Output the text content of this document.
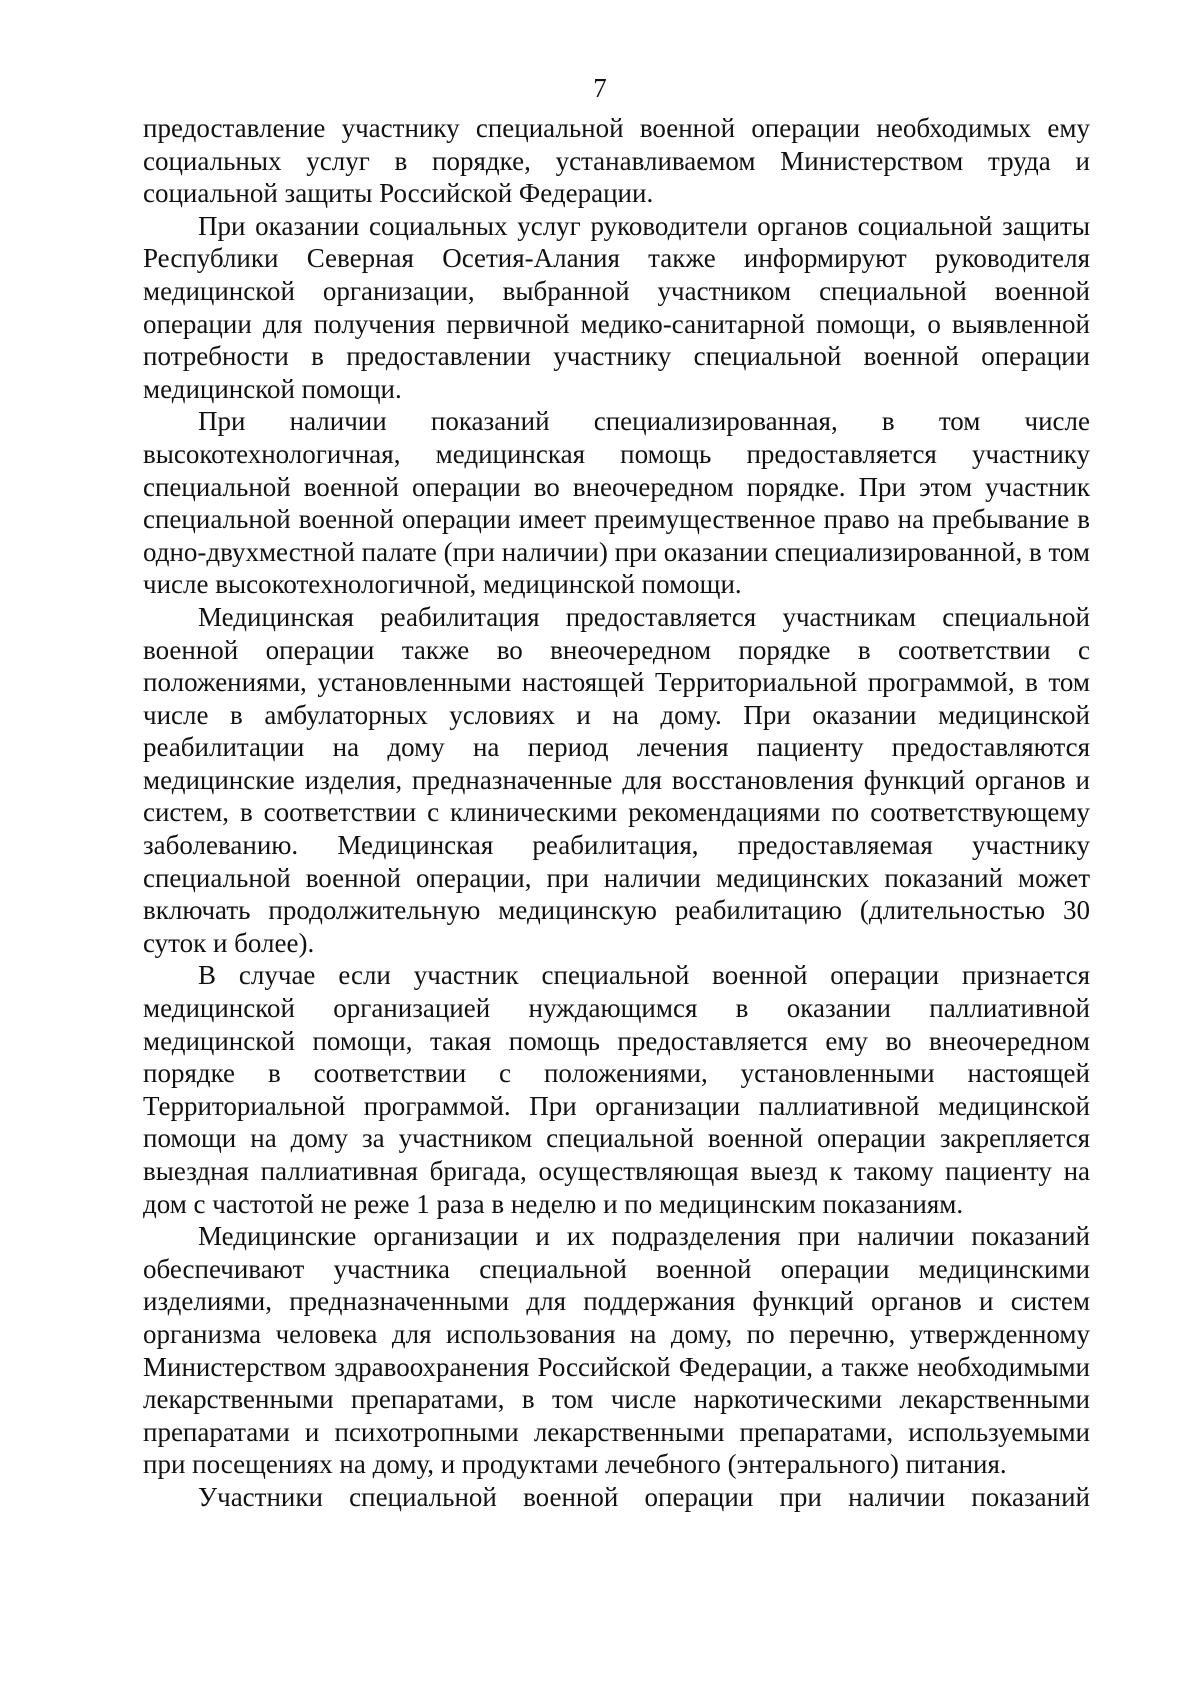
7

предоставление участнику специальной военной операции необходимых ему социальных услуг в порядке, устанавливаемом Министерством труда и социальной защиты Российской Федерации.

При оказании социальных услуг руководители органов социальной защиты Республики Северная Осетия-Алания также информируют руководителя медицинской организации, выбранной участником специальной военной операции для получения первичной медико-санитарной помощи, о выявленной потребности в предоставлении участнику специальной военной операции медицинской помощи.

При наличии показаний специализированная, в том числе высокотехнологичная, медицинская помощь предоставляется участнику специальной военной операции во внеочередном порядке. При этом участник специальной военной операции имеет преимущественное право на пребывание в одно-двухместной палате (при наличии) при оказании специализированной, в том числе высокотехнологичной, медицинской помощи.

Медицинская реабилитация предоставляется участникам специальной военной операции также во внеочередном порядке в соответствии с положениями, установленными настоящей Территориальной программой, в том числе в амбулаторных условиях и на дому. При оказании медицинской реабилитации на дому на период лечения пациенту предоставляются медицинские изделия, предназначенные для восстановления функций органов и систем, в соответствии с клиническими рекомендациями по соответствующему заболеванию. Медицинская реабилитация, предоставляемая участнику специальной военной операции, при наличии медицинских показаний может включать продолжительную медицинскую реабилитацию (длительностью 30 суток и более).

В случае если участник специальной военной операции признается медицинской организацией нуждающимся в оказании паллиативной медицинской помощи, такая помощь предоставляется ему во внеочередном порядке в соответствии с положениями, установленными настоящей Территориальной программой. При организации паллиативной медицинской помощи на дому за участником специальной военной операции закрепляется выездная паллиативная бригада, осуществляющая выезд к такому пациенту на дом с частотой не реже 1 раза в неделю и по медицинским показаниям.

Медицинские организации и их подразделения при наличии показаний обеспечивают участника специальной военной операции медицинскими изделиями, предназначенными для поддержания функций органов и систем организма человека для использования на дому, по перечню, утвержденному Министерством здравоохранения Российской Федерации, а также необходимыми лекарственными препаратами, в том числе наркотическими лекарственными препаратами и психотропными лекарственными препаратами, используемыми при посещениях на дому, и продуктами лечебного (энтерального) питания.

Участники специальной военной операции при наличии показаний
